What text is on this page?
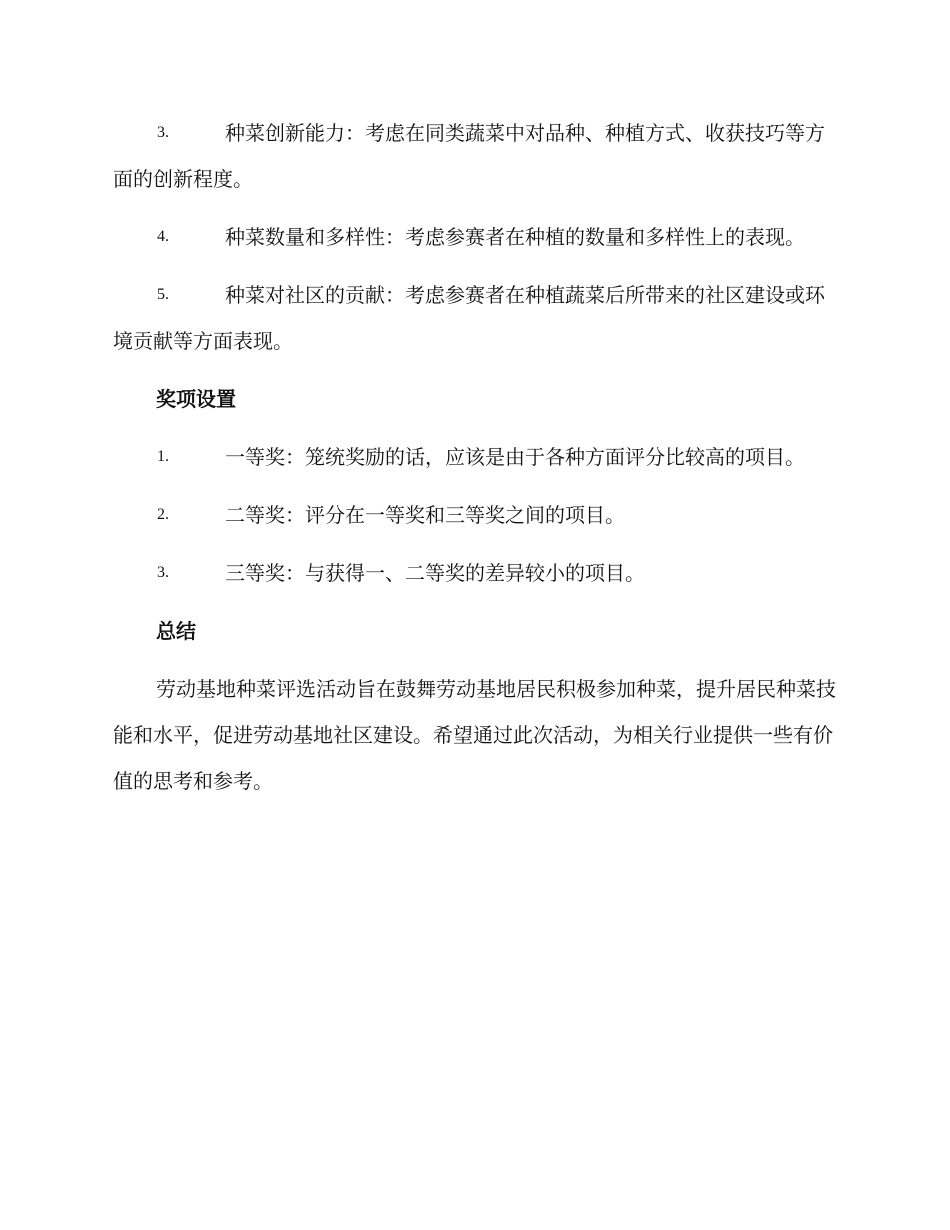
3.	种菜创新能力：考虑在同类蔬菜中对品种、种植方式、收获技巧等方面的创新程度。
4.	种菜数量和多样性：考虑参赛者在种植的数量和多样性上的表现。
5.	种菜对社区的贡献：考虑参赛者在种植蔬菜后所带来的社区建设或环境贡献等方面表现。
奖项设置
1.	一等奖：笼统奖励的话，应该是由于各种方面评分比较高的项目。
2.	二等奖：评分在一等奖和三等奖之间的项目。
3.	三等奖：与获得一、二等奖的差异较小的项目。
总结

劳动基地种菜评选活动旨在鼓舞劳动基地居民积极参加种菜，提升居民种菜技能和水平，促进劳动基地社区建设。希望通过此次活动，为相关行业提供一些有价值的思考和参考。
